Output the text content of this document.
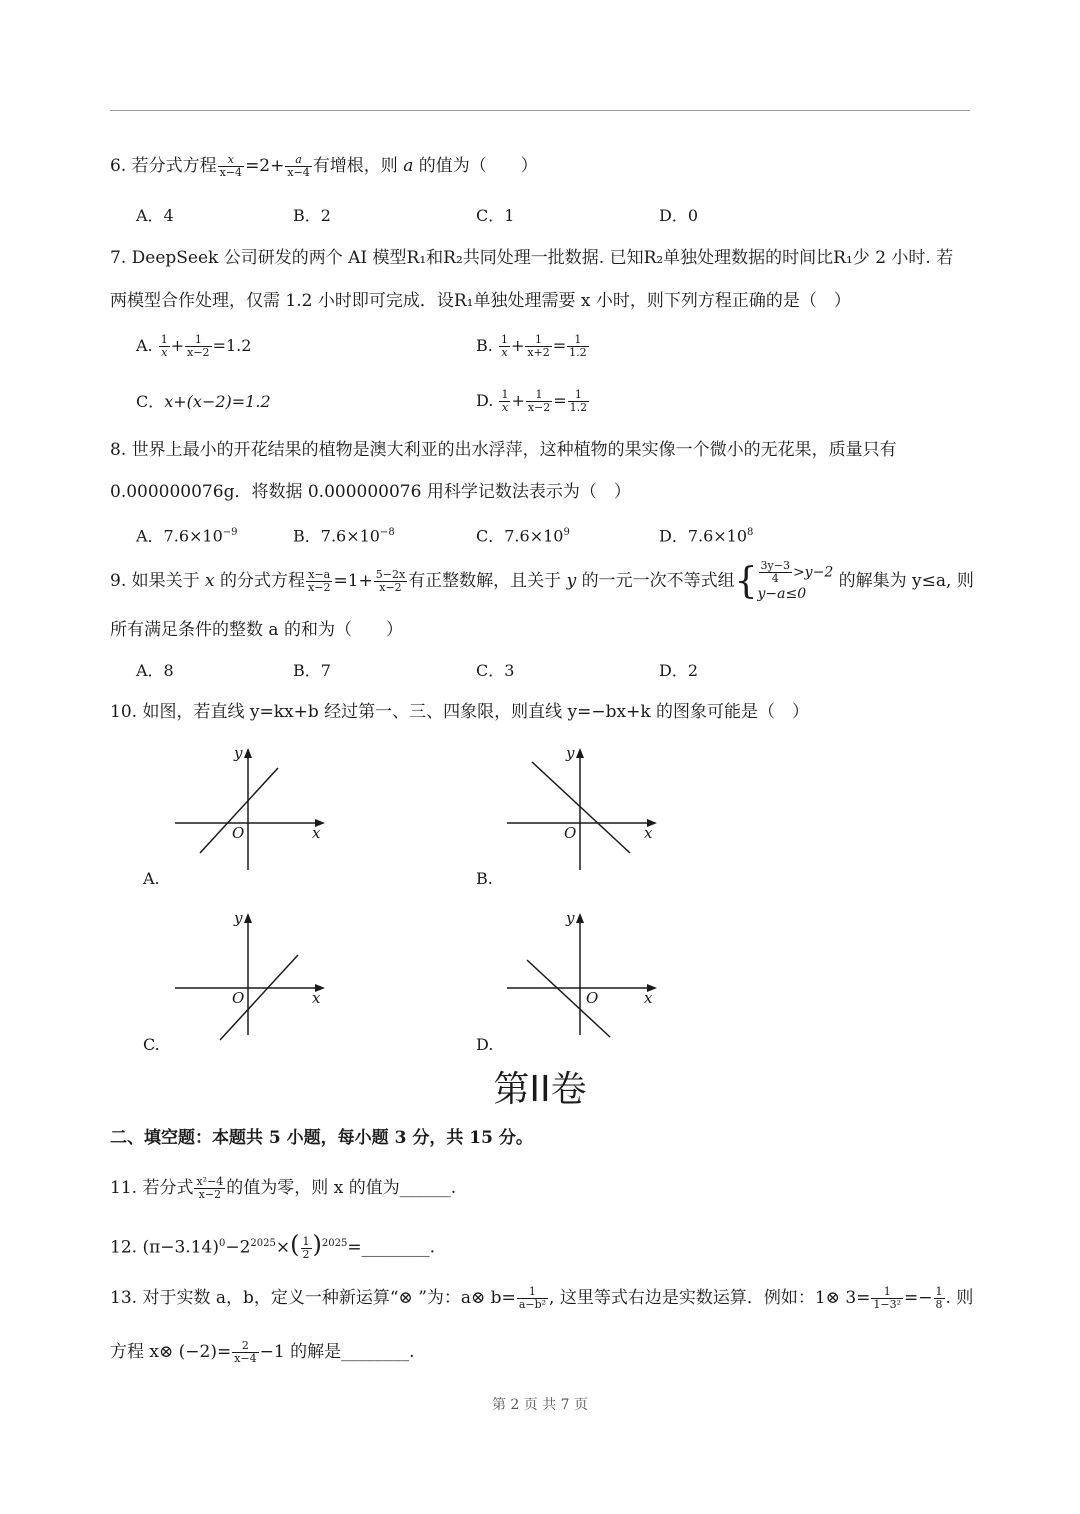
6. 若分式方程 $\frac{x}{x-4} =2+ \frac{a}{x-4}$ 有增根，则 a 的值为（　　）
A．4	B．2	C．1	D．0
7. DeepSeek 公司研发的两个 AI 模型R₁和R₂共同处理一批数据. 已知R₂单独处理数据的时间比R₁少 2 小时. 若
两模型合作处理，仅需 1.2 小时即可完成．设R₁单独处理需要 x 小时，则下列方程正确的是（　）
A. $\frac{1}{x} + \frac{1}{x-2} =1.2$	B. $\frac{1}{x} + \frac{1}{x+2} = \frac{1}{1.2}$
C．x+(x−2)=1.2	D. $\frac{1}{x} + \frac{1}{x-2} = \frac{1}{1.2}$
8. 世界上最小的开花结果的植物是澳大利亚的出水浮萍，这种植物的果实像一个微小的无花果，质量只有
0.000000076g．将数据 0.000000076 用科学记数法表示为（　）
A．$7.6\times 10^{-9}$	B．$7.6\times 10^{-8}$	C．$7.6\times 10^9$	D．$7.6\times 10^8$
9. 如果关于 x 的分式方程 $\frac{x-a}{x-2} =1+ \frac{5-2x}{x-2}$ 有正整数解，且关于 y 的一元一次不等式组{ $\frac{3y-3}{4} >y-2$
y−a≤0
的解集为 y≤a, 则
所有满足条件的整数 a 的和为（　　）
A．8	B．7	C．3	D．2
10. 如图，若直线 y=kx+b 经过第一、三、四象限，则直线 y=−bx+k 的图象可能是（　）
O	x
y
A.
O	x
y
B.
O	x
y
C.
O	x
y
D.
第II卷
二、填空题：本题共 5 小题，每小题 3 分，共 15 分。
11. 若分式 $\frac{\text{x²−4}}{x-2}$ 的值为零，则 x 的值为______.
12. $(\pi-3.14)^0-2^{2025}\times( \frac{1}{2}$ )$^{2025}=\_\_\_\_\_\_\_\_$.
13. 对于实数 a，b，定义一种新运算“⊗ ”为：a⊗ $b= \frac{1}{\text{a−b²}}$ , 这里等式右边是实数运算．例如：1⊗ $3= \frac{1}{\text{1−3²}} =- \frac{1}{8}$ . 则
方程 x⊗ $(-2)= \frac{2}{x-4} -1$ 的解是________.
第 2 页 共 7 页
